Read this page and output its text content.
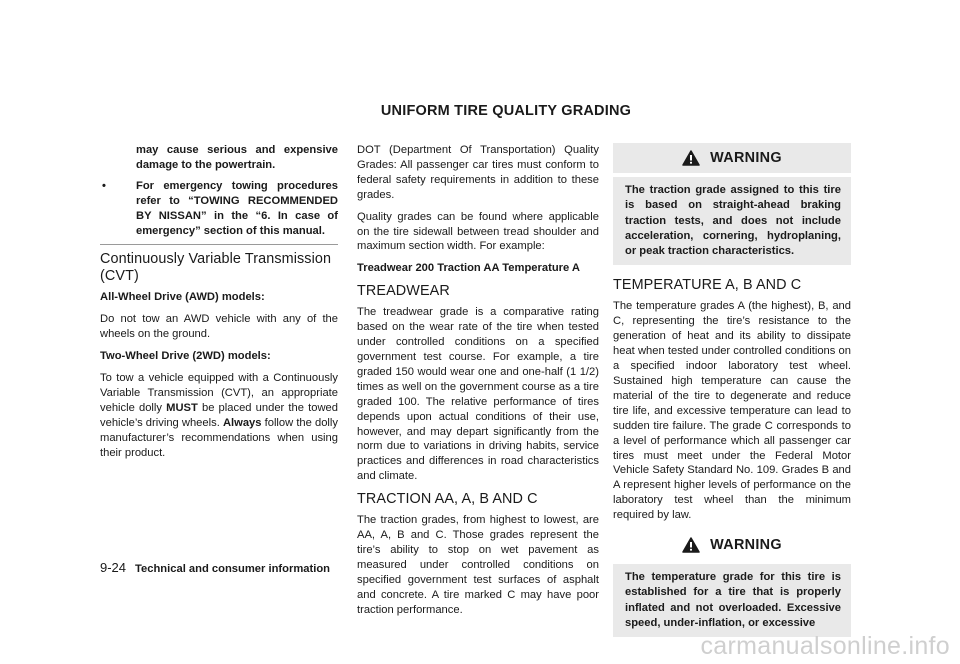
UNIFORM TIRE QUALITY GRADING

may cause serious and expensive damage to the powertrain.

•	For emergency towing procedures refer to “TOWING RECOMMENDED BY NISSAN” in the “6. In case of emergency” section of this manual.
Continuously Variable Transmission (CVT)
All-Wheel Drive (AWD) models:

Do not tow an AWD vehicle with any of the wheels on the ground.

Two-Wheel Drive (2WD) models:

To tow a vehicle equipped with a Continuously Variable Transmission (CVT), an appropriate vehicle dolly MUST be placed under the towed vehicle’s driving wheels. Always follow the dolly manufacturer’s recommendations when using their product.

DOT (Department Of Transportation) Quality Grades: All passenger car tires must conform to federal safety requirements in addition to these grades.

Quality grades can be found where applicable on the tire sidewall between tread shoulder and maximum section width. For example:

Treadwear 200 Traction AA Temperature A
TREADWEAR

The treadwear grade is a comparative rating based on the wear rate of the tire when tested under controlled conditions on a specified government test course. For example, a tire graded 150 would wear one and one-half (1 1/2) times as well on the government course as a tire graded 100. The relative performance of tires depends upon actual conditions of their use, however, and may depart significantly from the norm due to variations in driving habits, service practices and differences in road characteristics and climate.

TRACTION AA, A, B AND C

The traction grades, from highest to lowest, are AA, A, B and C. Those grades represent the tire’s ability to stop on wet pavement as measured under controlled conditions on specified government test surfaces of asphalt and concrete. A tire marked C may have poor traction performance.

WARNING
The traction grade assigned to this tire is based on straight-ahead braking traction tests, and does not include acceleration, cornering, hydroplaning, or peak traction characteristics.
TEMPERATURE A, B AND C

The temperature grades A (the highest), B, and C, representing the tire’s resistance to the generation of heat and its ability to dissipate heat when tested under controlled conditions on a specified indoor laboratory test wheel. Sustained high temperature can cause the material of the tire to degenerate and reduce tire life, and excessive temperature can lead to sudden tire failure. The grade C corresponds to a level of performance which all passenger car tires must meet under the Federal Motor Vehicle Safety Standard No. 109. Grades B and A represent higher levels of performance on the laboratory test wheel than the minimum required by law.

WARNING
The temperature grade for this tire is established for a tire that is properly inflated and not overloaded. Excessive speed, under-inflation, or excessive
9-24 Technical and consumer information
carmanualsonline.info
